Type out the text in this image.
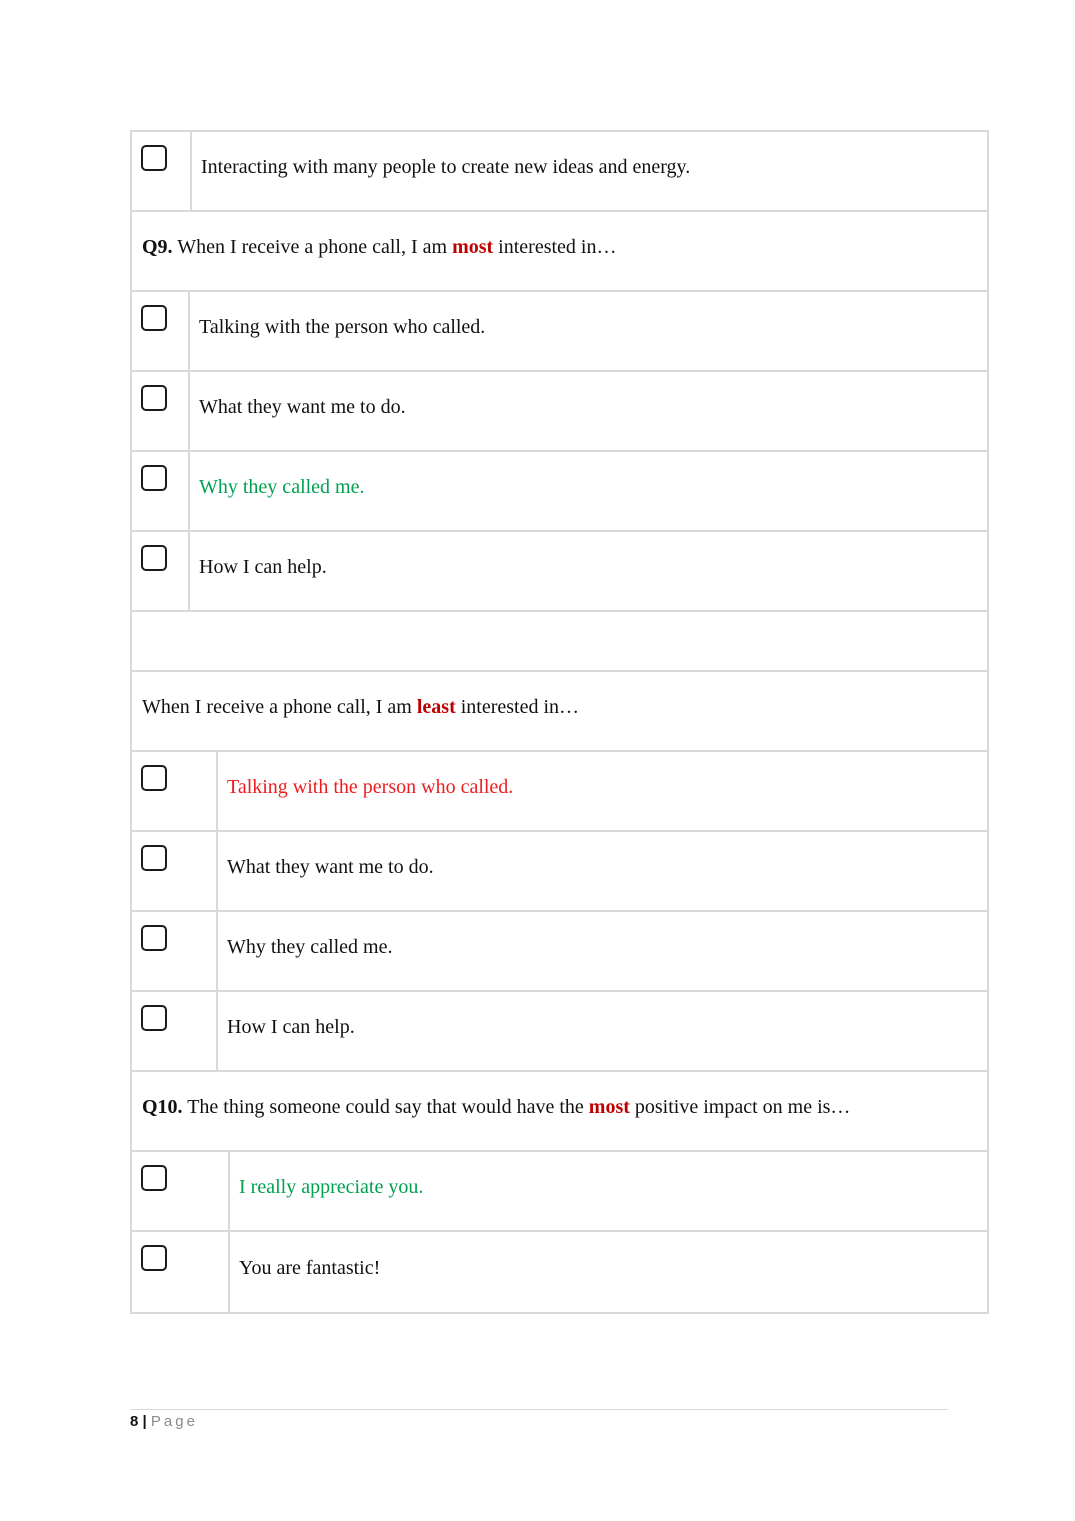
Interacting with many people to create new ideas and energy.
Q9. When I receive a phone call, I am most interested in…
Talking with the person who called.
What they want me to do.
Why they called me.
How I can help.
When I receive a phone call, I am least interested in…
Talking with the person who called.
What they want me to do.
Why they called me.
How I can help.
Q10. The thing someone could say that would have the most positive impact on me is…
I really appreciate you.
You are fantastic!
8 | Page
